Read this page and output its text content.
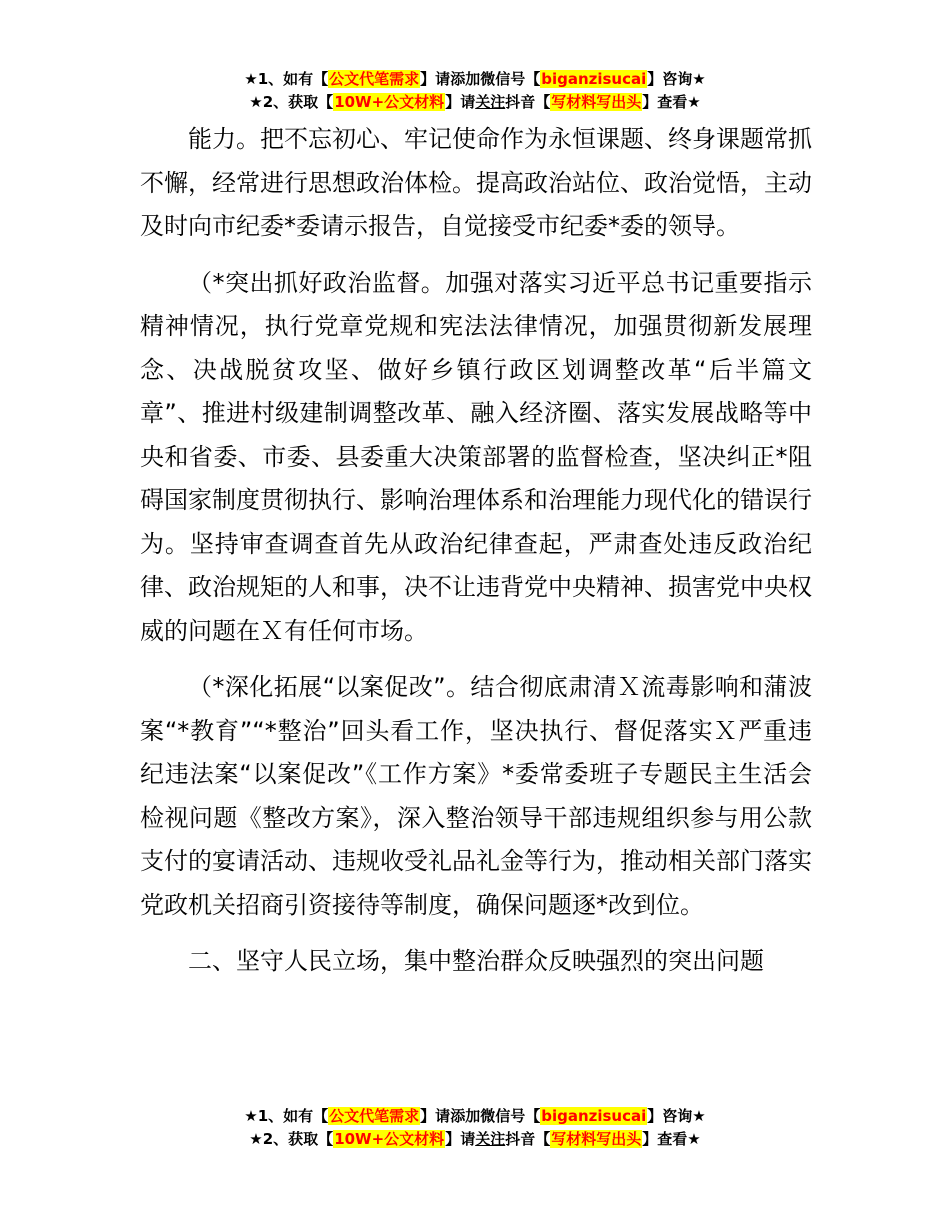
★1、如有【公文代笔需求】请添加微信号【biganzisucai】咨询★
★2、获取【10W+公文材料】请关注抖音【写材料写出头】查看★

能力。把不忘初心、牢记使命作为永恒课题、终身课题常抓不懈，经常进行思想政治体检。提高政治站位、政治觉悟，主动及时向市纪委*委请示报告，自觉接受市纪委*委的领导。

（*突出抓好政治监督。加强对落实习近平总书记重要指示精神情况，执行党章党规和宪法法律情况，加强贯彻新发展理念、决战脱贫攻坚、做好乡镇行政区划调整改革“后半篇文章”、推进村级建制调整改革、融入经济圈、落实发展战略等中央和省委、市委、县委重大决策部署的监督检查，坚决纠正*阻碍国家制度贯彻执行、影响治理体系和治理能力现代化的错误行为。坚持审查调查首先从政治纪律查起，严肃查处违反政治纪律、政治规矩的人和事，决不让违背党中央精神、损害党中央权威的问题在Ｘ有任何市场。

（*深化拓展“以案促改”。结合彻底肃清Ｘ流毒影响和蒲波案“*教育”“*整治”回头看工作，坚决执行、督促落实Ｘ严重违纪违法案“以案促改”《工作方案》*委常委班子专题民主生活会检视问题《整改方案》，深入整治领导干部违规组织参与用公款支付的宴请活动、违规收受礼品礼金等行为，推动相关部门落实党政机关招商引资接待等制度，确保问题逐*改到位。

二、坚守人民立场，集中整治群众反映强烈的突出问题

★1、如有【公文代笔需求】请添加微信号【biganzisucai】咨询★
★2、获取【10W+公文材料】请关注抖音【写材料写出头】查看★
